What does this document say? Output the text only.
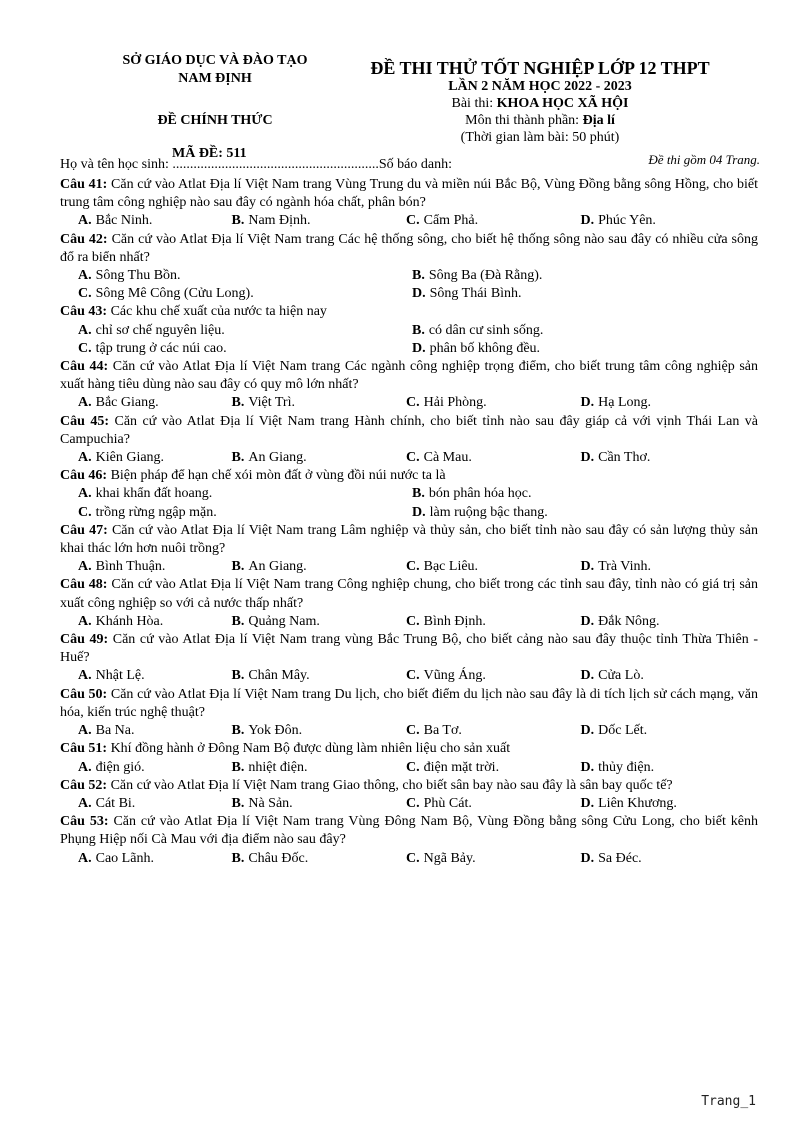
SỞ GIÁO DỤC VÀ ĐÀO TẠO
NAM ĐỊNH
ĐỀ CHÍNH THỨC
ĐỀ THI THỬ TỐT NGHIỆP LỚP 12 THPT
LẦN 2 NĂM HỌC 2022 - 2023
Bài thi: KHOA HỌC XÃ HỘI
Môn thi thành phần: Địa lí
(Thời gian làm bài: 50 phút)
MÃ ĐỀ: 511	Đề thi gồm 04 Trang.
Họ và tên học sinh: ...........................................................Số báo danh:
Câu 41: Căn cứ vào Atlat Địa lí Việt Nam trang Vùng Trung du và miền núi Bắc Bộ, Vùng Đồng bằng sông Hồng, cho biết trung tâm công nghiệp nào sau đây có ngành hóa chất, phân bón?
A. Bắc Ninh.	B. Nam Định.	C. Cẩm Phả.	D. Phúc Yên.
Câu 42: Căn cứ vào Atlat Địa lí Việt Nam trang Các hệ thống sông, cho biết hệ thống sông nào sau đây có nhiều cửa sông đổ ra biển nhất?
A. Sông Thu Bồn.	B. Sông Ba (Đà Rằng).
C. Sông Mê Công (Cửu Long).	D. Sông Thái Bình.
Câu 43: Các khu chế xuất của nước ta hiện nay
A. chỉ sơ chế nguyên liệu.	B. có dân cư sinh sống.
C. tập trung ở các núi cao.	D. phân bố không đều.
Câu 44: Căn cứ vào Atlat Địa lí Việt Nam trang Các ngành công nghiệp trọng điểm, cho biết trung tâm công nghiệp sản xuất hàng tiêu dùng nào sau đây có quy mô lớn nhất?
A. Bắc Giang.	B. Việt Trì.	C. Hải Phòng.	D. Hạ Long.
Câu 45: Căn cứ vào Atlat Địa lí Việt Nam trang Hành chính, cho biết tỉnh nào sau đây giáp cả với vịnh Thái Lan và Campuchia?
A. Kiên Giang.	B. An Giang.	C. Cà Mau.	D. Cần Thơ.
Câu 46: Biện pháp để hạn chế xói mòn đất ở vùng đồi núi nước ta là
A. khai khẩn đất hoang.	B. bón phân hóa học.
C. trồng rừng ngập mặn.	D. làm ruộng bậc thang.
Câu 47: Căn cứ vào Atlat Địa lí Việt Nam trang Lâm nghiệp và thủy sản, cho biết tỉnh nào sau đây có sản lượng thủy sản khai thác lớn hơn nuôi trồng?
A. Bình Thuận.	B. An Giang.	C. Bạc Liêu.	D. Trà Vinh.
Câu 48: Căn cứ vào Atlat Địa lí Việt Nam trang Công nghiệp chung, cho biết trong các tỉnh sau đây, tỉnh nào có giá trị sản xuất công nghiệp so với cả nước thấp nhất?
A. Khánh Hòa.	B. Quảng Nam.	C. Bình Định.	D. Đắk Nông.
Câu 49: Căn cứ vào Atlat Địa lí Việt Nam trang vùng Bắc Trung Bộ, cho biết cảng nào sau đây thuộc tỉnh Thừa Thiên - Huế?
A. Nhật Lệ.	B. Chân Mây.	C. Vũng Áng.	D. Cửa Lò.
Câu 50: Căn cứ vào Atlat Địa lí Việt Nam trang Du lịch, cho biết điểm du lịch nào sau đây là di tích lịch sử cách mạng, văn hóa, kiến trúc nghệ thuật?
A. Ba Na.	B. Yok Đôn.	C. Ba Tơ.	D. Dốc Lết.
Câu 51: Khí đồng hành ở Đông Nam Bộ được dùng làm nhiên liệu cho sản xuất
A. điện gió.	B. nhiệt điện.	C. điện mặt trời.	D. thủy điện.
Câu 52: Căn cứ vào Atlat Địa lí Việt Nam trang Giao thông, cho biết sân bay nào sau đây là sân bay quốc tế?
A. Cát Bi.	B. Nà Sản.	C. Phù Cát.	D. Liên Khương.
Câu 53: Căn cứ vào Atlat Địa lí Việt Nam trang Vùng Đông Nam Bộ, Vùng Đồng bằng sông Cửu Long, cho biết kênh Phụng Hiệp nối Cà Mau với địa điểm nào sau đây?
A. Cao Lãnh.	B. Châu Đốc.	C. Ngã Bảy.	D. Sa Đéc.
Trang_1
